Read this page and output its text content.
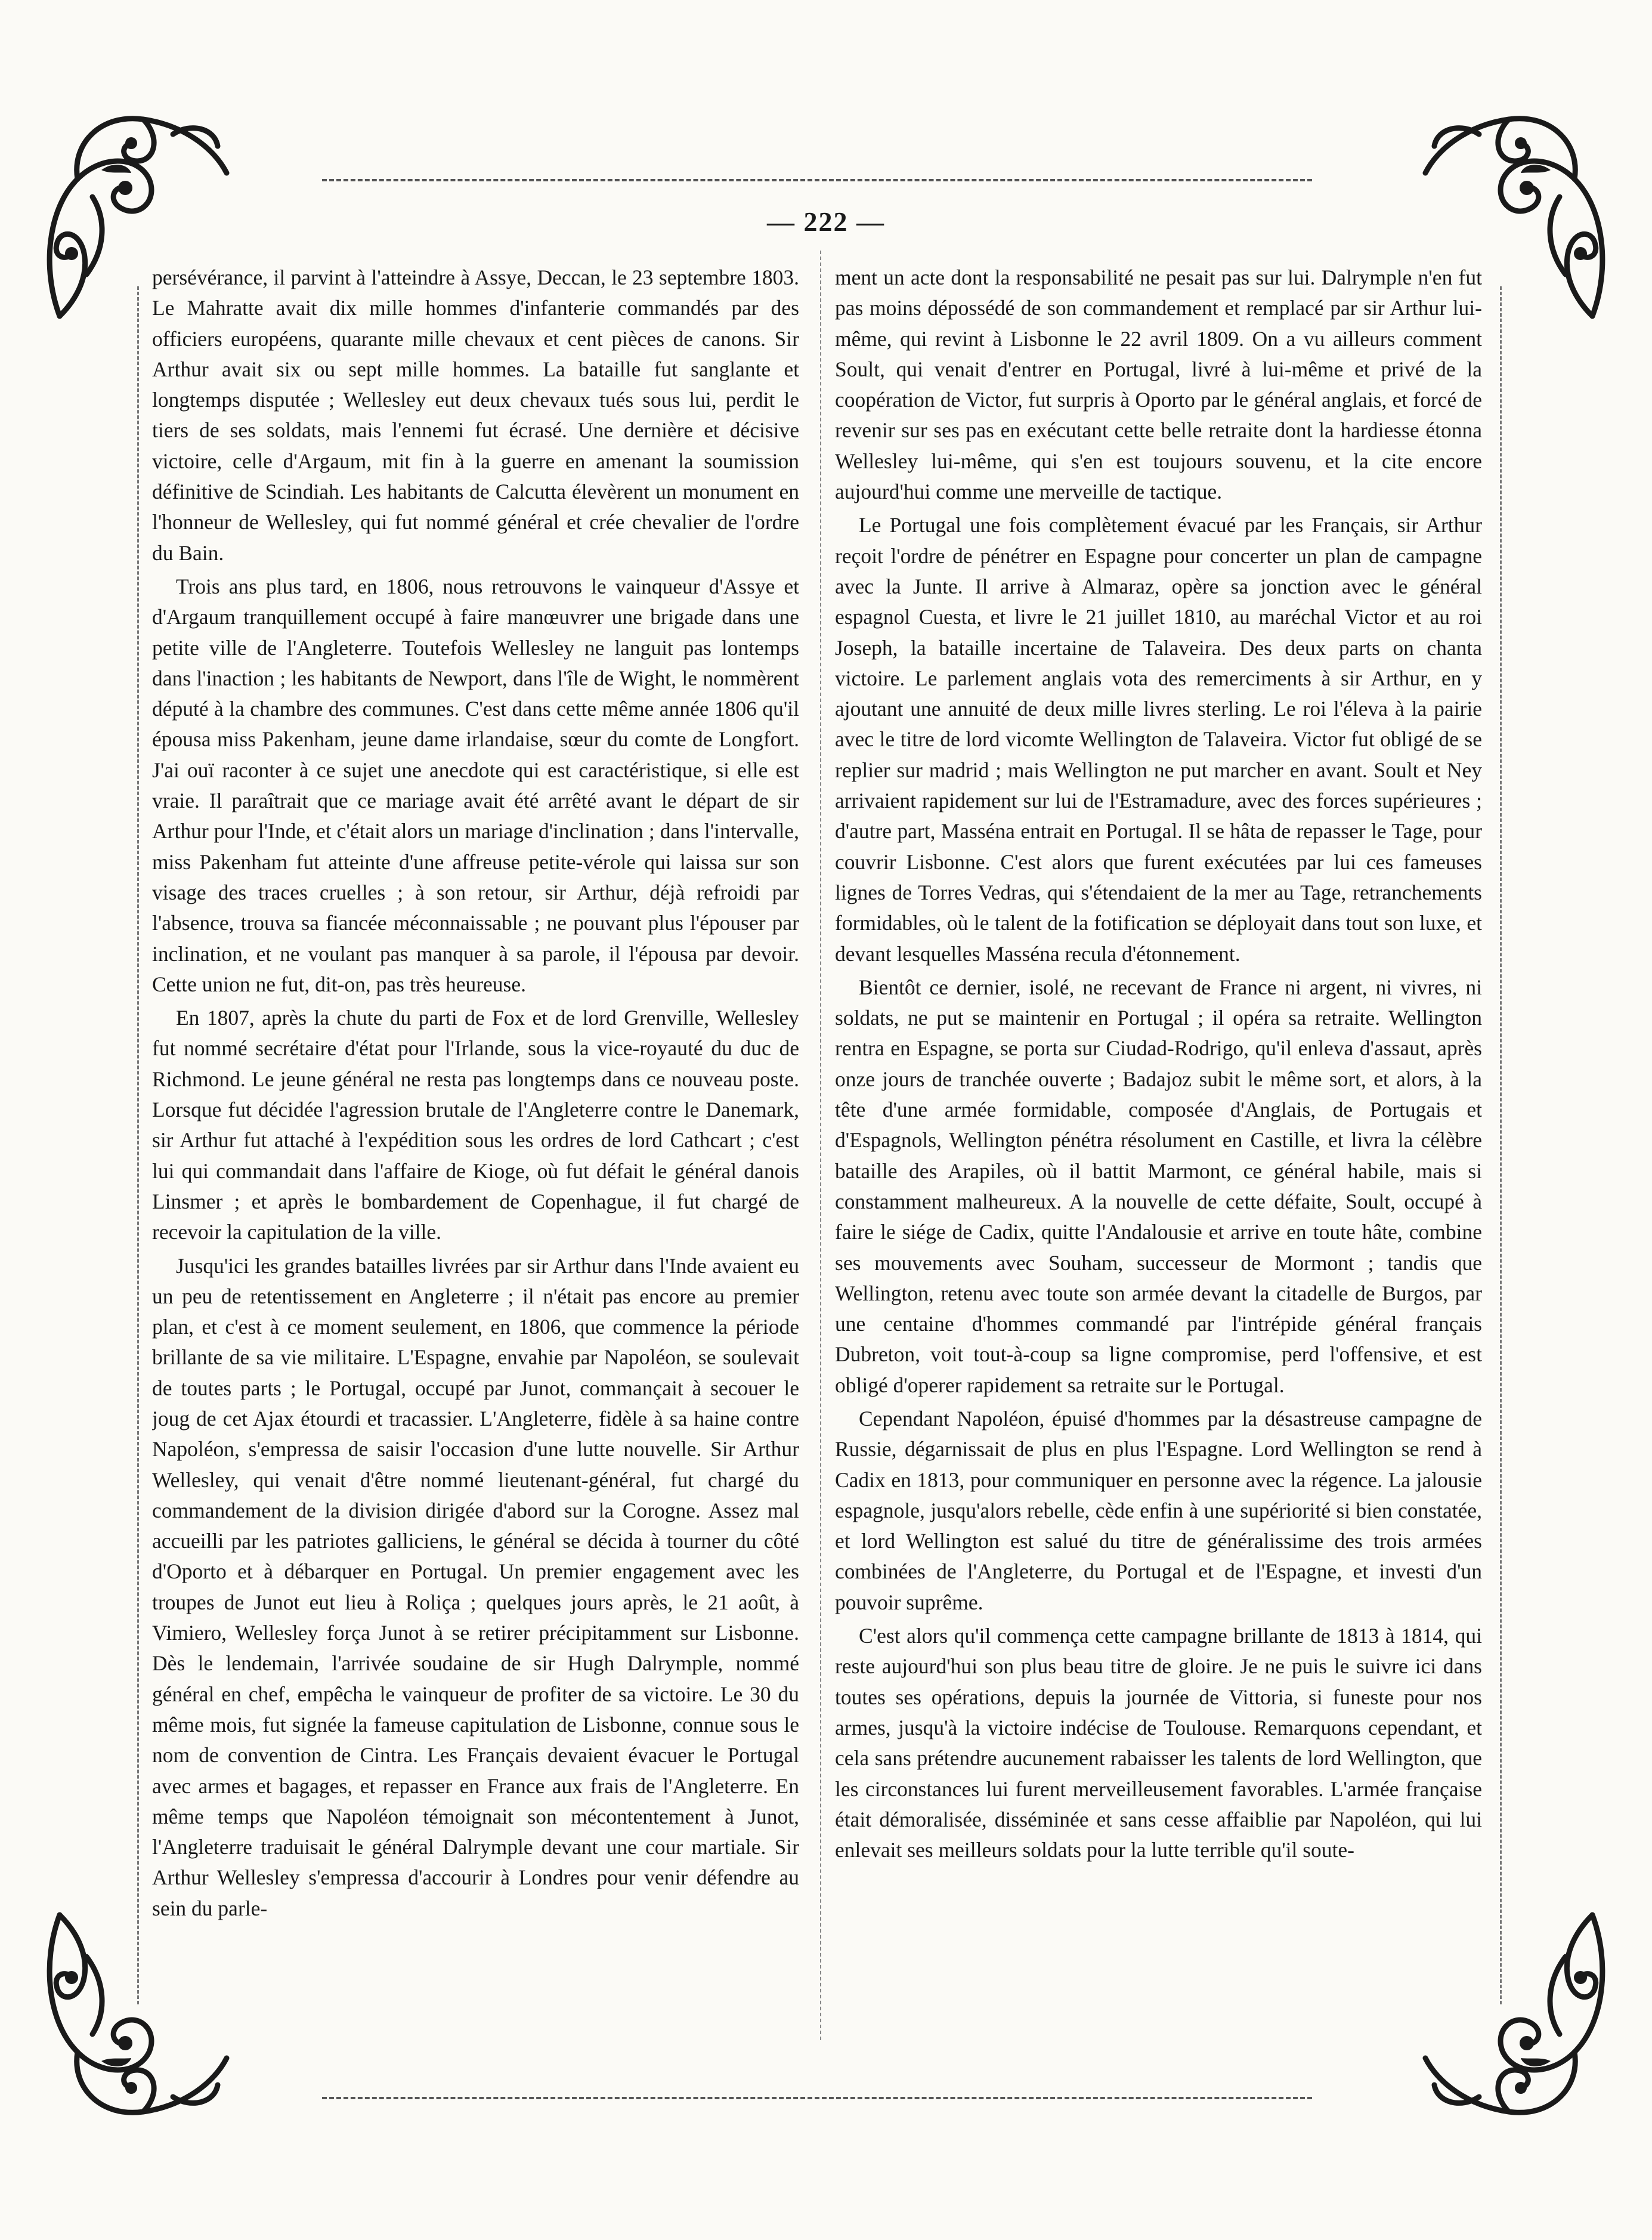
— 222 —

persévérance, il parvint à l'atteindre à Assye, Deccan, le 23 septembre 1803. Le Mahratte avait dix mille hommes d'infanterie commandés par des officiers européens, quarante mille chevaux et cent pièces de canons. Sir Arthur avait six ou sept mille hommes. La bataille fut sanglante et longtemps disputée ; Wellesley eut deux chevaux tués sous lui, perdit le tiers de ses soldats, mais l'ennemi fut écrasé. Une dernière et décisive victoire, celle d'Argaum, mit fin à la guerre en amenant la soumission définitive de Scindiah. Les habitants de Calcutta élevèrent un monument en l'honneur de Wellesley, qui fut nommé général et crée chevalier de l'ordre du Bain.

Trois ans plus tard, en 1806, nous retrouvons le vainqueur d'Assye et d'Argaum tranquillement occupé à faire manœuvrer une brigade dans une petite ville de l'Angleterre. Toutefois Wellesley ne languit pas lontemps dans l'inaction ; les habitants de Newport, dans l'île de Wight, le nommèrent député à la chambre des communes. C'est dans cette même année 1806 qu'il épousa miss Pakenham, jeune dame irlandaise, sœur du comte de Longfort. J'ai ouï raconter à ce sujet une anecdote qui est caractéristique, si elle est vraie. Il paraîtrait que ce mariage avait été arrêté avant le départ de sir Arthur pour l'Inde, et c'était alors un mariage d'inclination ; dans l'intervalle, miss Pakenham fut atteinte d'une affreuse petite-vérole qui laissa sur son visage des traces cruelles ; à son retour, sir Arthur, déjà refroidi par l'absence, trouva sa fiancée méconnaissable ; ne pouvant plus l'épouser par inclination, et ne voulant pas manquer à sa parole, il l'épousa par devoir. Cette union ne fut, dit-on, pas très heureuse.

En 1807, après la chute du parti de Fox et de lord Grenville, Wellesley fut nommé secrétaire d'état pour l'Irlande, sous la vice-royauté du duc de Richmond. Le jeune général ne resta pas longtemps dans ce nouveau poste. Lorsque fut décidée l'agression brutale de l'Angleterre contre le Danemark, sir Arthur fut attaché à l'expédition sous les ordres de lord Cathcart ; c'est lui qui commandait dans l'affaire de Kioge, où fut défait le général danois Linsmer ; et après le bombardement de Copenhague, il fut chargé de recevoir la capitulation de la ville.

Jusqu'ici les grandes batailles livrées par sir Arthur dans l'Inde avaient eu un peu de retentissement en Angleterre ; il n'était pas encore au premier plan, et c'est à ce moment seulement, en 1806, que commence la période brillante de sa vie militaire. L'Espagne, envahie par Napoléon, se soulevait de toutes parts ; le Portugal, occupé par Junot, commançait à secouer le joug de cet Ajax étourdi et tracassier. L'Angleterre, fidèle à sa haine contre Napoléon, s'empressa de saisir l'occasion d'une lutte nouvelle. Sir Arthur Wellesley, qui venait d'être nommé lieutenant-général, fut chargé du commandement de la division dirigée d'abord sur la Corogne. Assez mal accueilli par les patriotes galliciens, le général se décida à tourner du côté d'Oporto et à débarquer en Portugal. Un premier engagement avec les troupes de Junot eut lieu à Roliça ; quelques jours après, le 21 août, à Vimiero, Wellesley força Junot à se retirer précipitamment sur Lisbonne. Dès le lendemain, l'arrivée soudaine de sir Hugh Dalrymple, nommé général en chef, empêcha le vainqueur de profiter de sa victoire. Le 30 du même mois, fut signée la fameuse capitulation de Lisbonne, connue sous le nom de convention de Cintra. Les Français devaient évacuer le Portugal avec armes et bagages, et repasser en France aux frais de l'Angleterre. En même temps que Napoléon témoignait son mécontentement à Junot, l'Angleterre traduisait le général Dalrymple devant une cour martiale. Sir Arthur Wellesley s'empressa d'accourir à Londres pour venir défendre au sein du parle-

ment un acte dont la responsabilité ne pesait pas sur lui. Dalrymple n'en fut pas moins dépossédé de son commandement et remplacé par sir Arthur lui-même, qui revint à Lisbonne le 22 avril 1809. On a vu ailleurs comment Soult, qui venait d'entrer en Portugal, livré à lui-même et privé de la coopération de Victor, fut surpris à Oporto par le général anglais, et forcé de revenir sur ses pas en exécutant cette belle retraite dont la hardiesse étonna Wellesley lui-même, qui s'en est toujours souvenu, et la cite encore aujourd'hui comme une merveille de tactique.

Le Portugal une fois complètement évacué par les Français, sir Arthur reçoit l'ordre de pénétrer en Espagne pour concerter un plan de campagne avec la Junte. Il arrive à Almaraz, opère sa jonction avec le général espagnol Cuesta, et livre le 21 juillet 1810, au maréchal Victor et au roi Joseph, la bataille incertaine de Talaveira. Des deux parts on chanta victoire. Le parlement anglais vota des remerciments à sir Arthur, en y ajoutant une annuité de deux mille livres sterling. Le roi l'éleva à la pairie avec le titre de lord vicomte Wellington de Talaveira. Victor fut obligé de se replier sur madrid ; mais Wellington ne put marcher en avant. Soult et Ney arrivaient rapidement sur lui de l'Estramadure, avec des forces supérieures ; d'autre part, Masséna entrait en Portugal. Il se hâta de repasser le Tage, pour couvrir Lisbonne. C'est alors que furent exécutées par lui ces fameuses lignes de Torres Vedras, qui s'étendaient de la mer au Tage, retranchements formidables, où le talent de la fotification se déployait dans tout son luxe, et devant lesquelles Masséna recula d'étonnement.

Bientôt ce dernier, isolé, ne recevant de France ni argent, ni vivres, ni soldats, ne put se maintenir en Portugal ; il opéra sa retraite. Wellington rentra en Espagne, se porta sur Ciudad-Rodrigo, qu'il enleva d'assaut, après onze jours de tranchée ouverte ; Badajoz subit le même sort, et alors, à la tête d'une armée formidable, composée d'Anglais, de Portugais et d'Espagnols, Wellington pénétra résolument en Castille, et livra la célèbre bataille des Arapiles, où il battit Marmont, ce général habile, mais si constamment malheureux. A la nouvelle de cette défaite, Soult, occupé à faire le siége de Cadix, quitte l'Andalousie et arrive en toute hâte, combine ses mouvements avec Souham, successeur de Mormont ; tandis que Wellington, retenu avec toute son armée devant la citadelle de Burgos, par une centaine d'hommes commandé par l'intrépide général français Dubreton, voit tout-à-coup sa ligne compromise, perd l'offensive, et est obligé d'operer rapidement sa retraite sur le Portugal.

Cependant Napoléon, épuisé d'hommes par la désastreuse campagne de Russie, dégarnissait de plus en plus l'Espagne. Lord Wellington se rend à Cadix en 1813, pour communiquer en personne avec la régence. La jalousie espagnole, jusqu'alors rebelle, cède enfin à une supériorité si bien constatée, et lord Wellington est salué du titre de généralissime des trois armées combinées de l'Angleterre, du Portugal et de l'Espagne, et investi d'un pouvoir suprême.

C'est alors qu'il commença cette campagne brillante de 1813 à 1814, qui reste aujourd'hui son plus beau titre de gloire. Je ne puis le suivre ici dans toutes ses opérations, depuis la journée de Vittoria, si funeste pour nos armes, jusqu'à la victoire indécise de Toulouse. Remarquons cependant, et cela sans prétendre aucunement rabaisser les talents de lord Wellington, que les circonstances lui furent merveilleusement favorables. L'armée française était démoralisée, disséminée et sans cesse affaiblie par Napoléon, qui lui enlevait ses meilleurs soldats pour la lutte terrible qu'il soute-
